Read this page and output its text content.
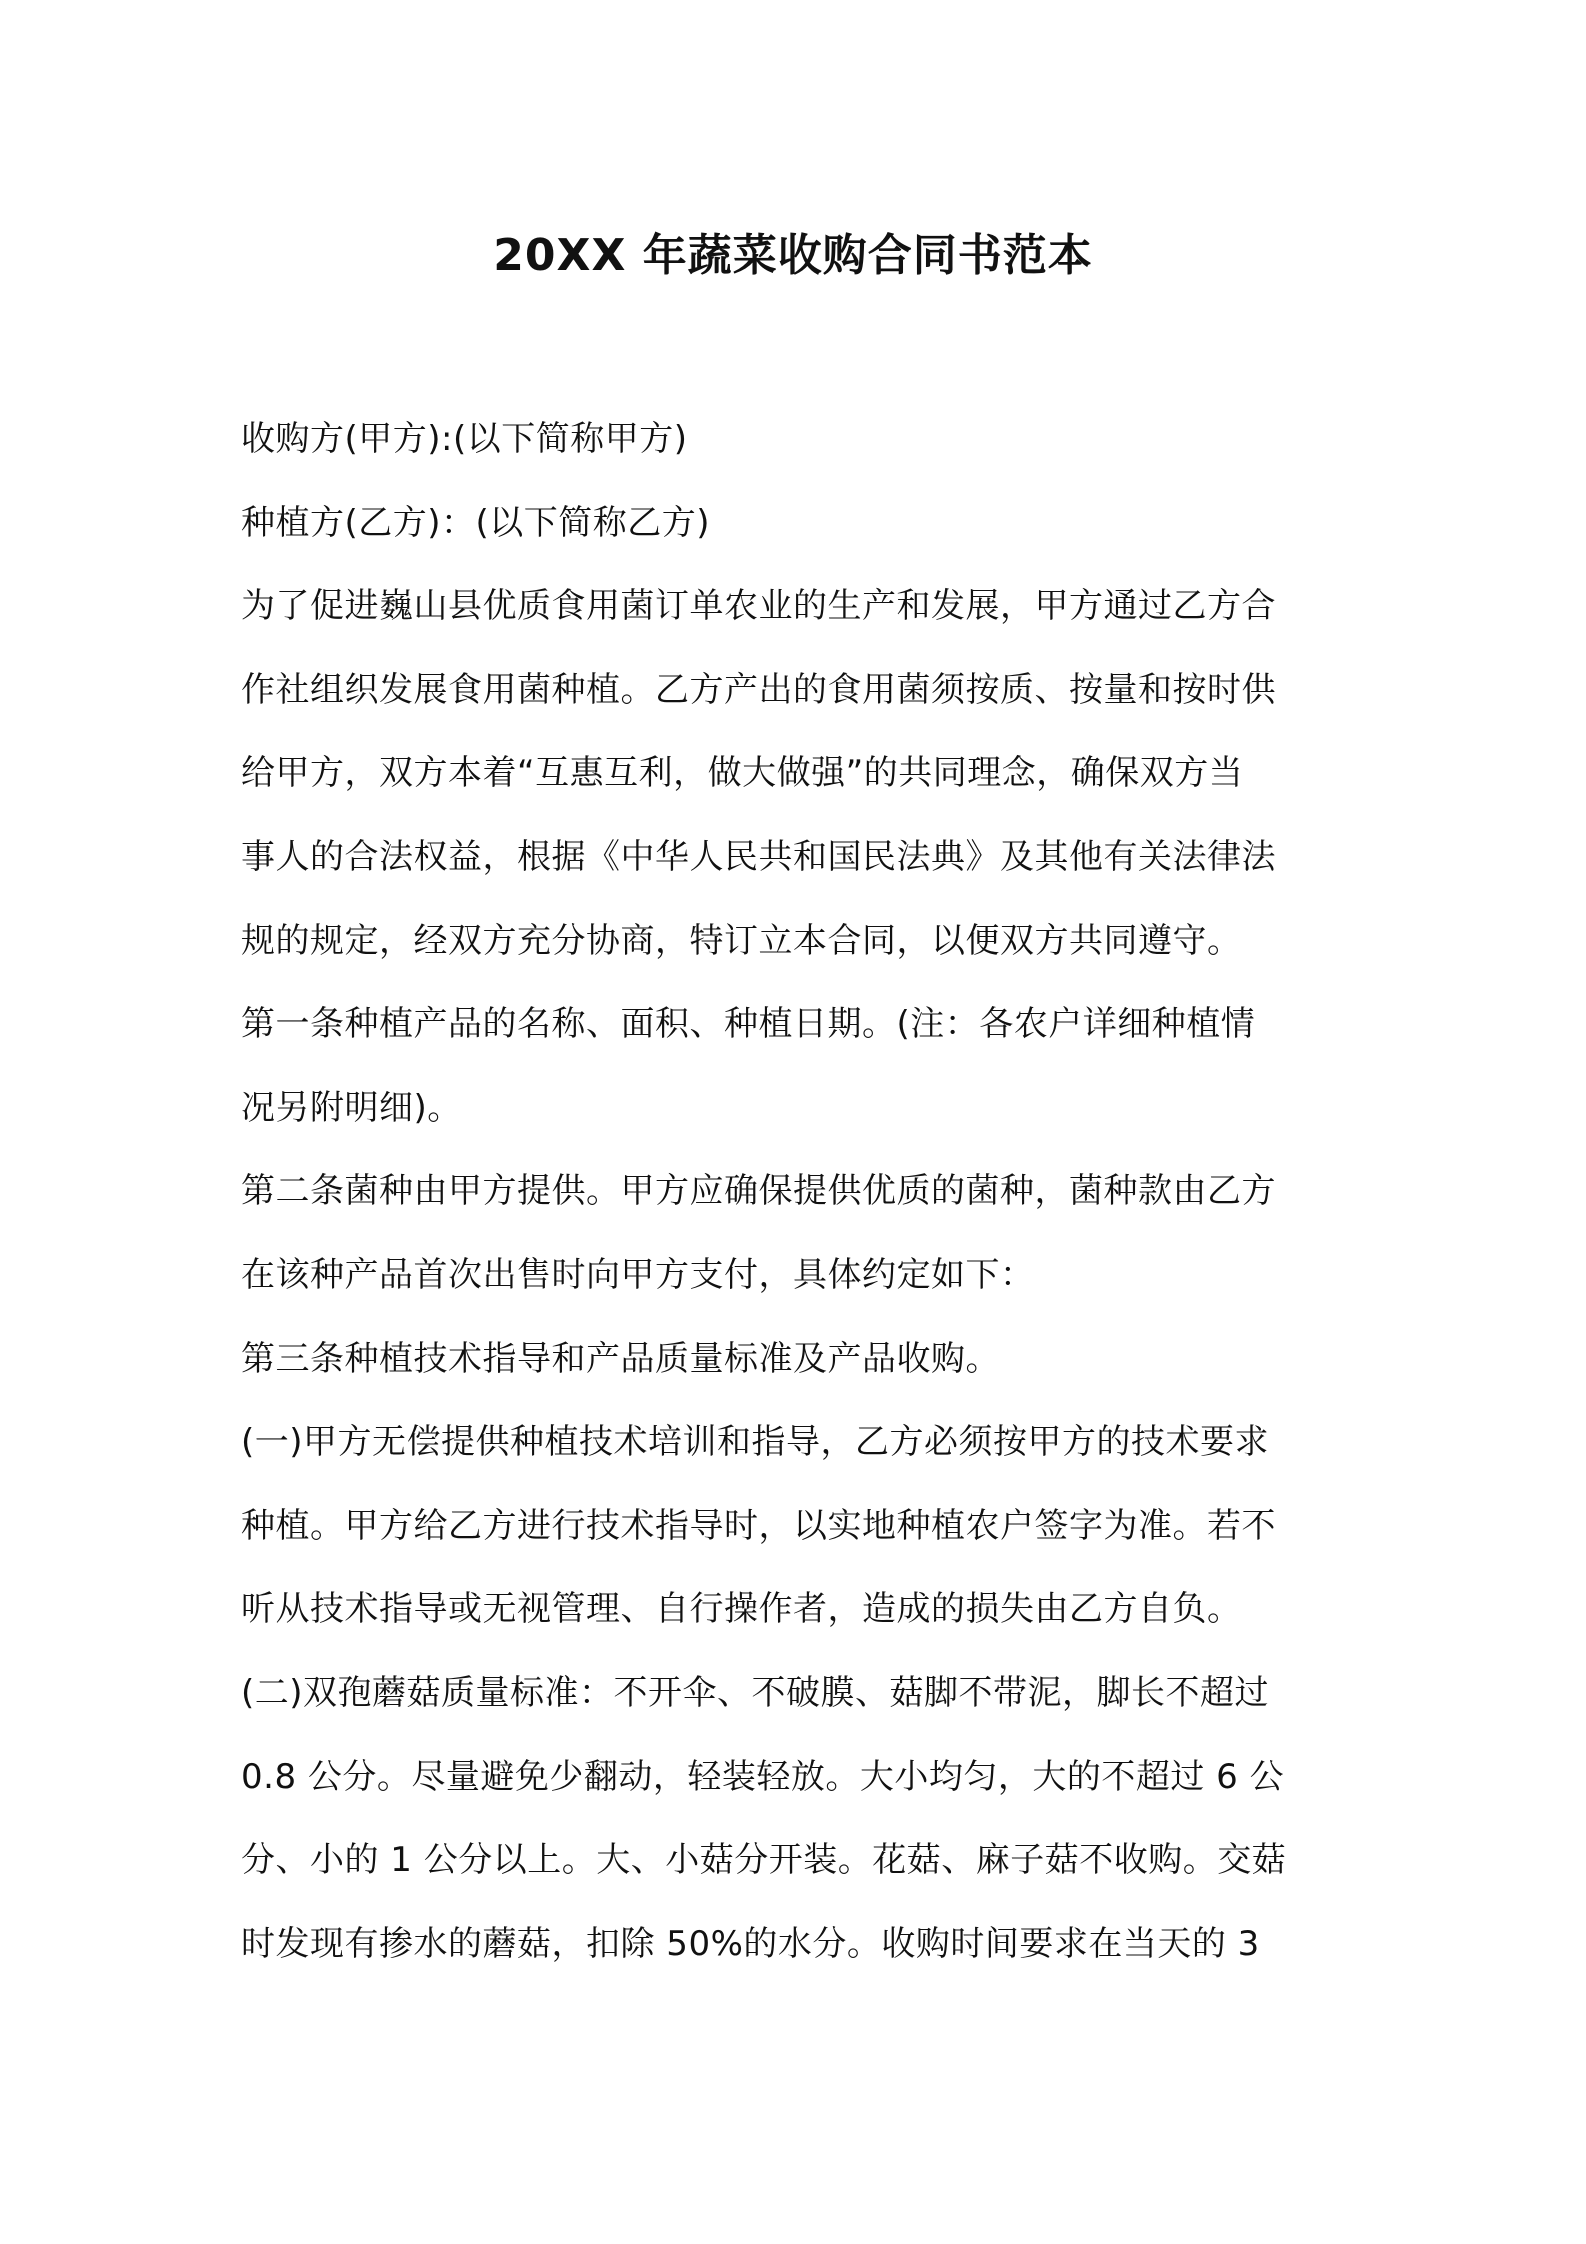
20XX 年蔬菜收购合同书范本
收购方(甲方):(以下简称甲方)
种植方(乙方)：(以下简称乙方)
为了促进巍山县优质食用菌订单农业的生产和发展，甲方通过乙方合
作社组织发展食用菌种植。乙方产出的食用菌须按质、按量和按时供
给甲方，双方本着“互惠互利，做大做强”的共同理念，确保双方当
事人的合法权益，根据《中华人民共和国民法典》及其他有关法律法
规的规定，经双方充分协商，特订立本合同，以便双方共同遵守。
第一条种植产品的名称、面积、种植日期。(注：各农户详细种植情
况另附明细)。
第二条菌种由甲方提供。甲方应确保提供优质的菌种，菌种款由乙方
在该种产品首次出售时向甲方支付，具体约定如下：
第三条种植技术指导和产品质量标准及产品收购。
(一)甲方无偿提供种植技术培训和指导，乙方必须按甲方的技术要求
种植。甲方给乙方进行技术指导时，以实地种植农户签字为准。若不
听从技术指导或无视管理、自行操作者，造成的损失由乙方自负。
(二)双孢蘑菇质量标准：不开伞、不破膜、菇脚不带泥，脚长不超过
0.8 公分。尽量避免少翻动，轻装轻放。大小均匀，大的不超过 6 公
分、小的 1 公分以上。大、小菇分开装。花菇、麻子菇不收购。交菇
时发现有掺水的蘑菇，扣除 50%的水分。收购时间要求在当天的 3
